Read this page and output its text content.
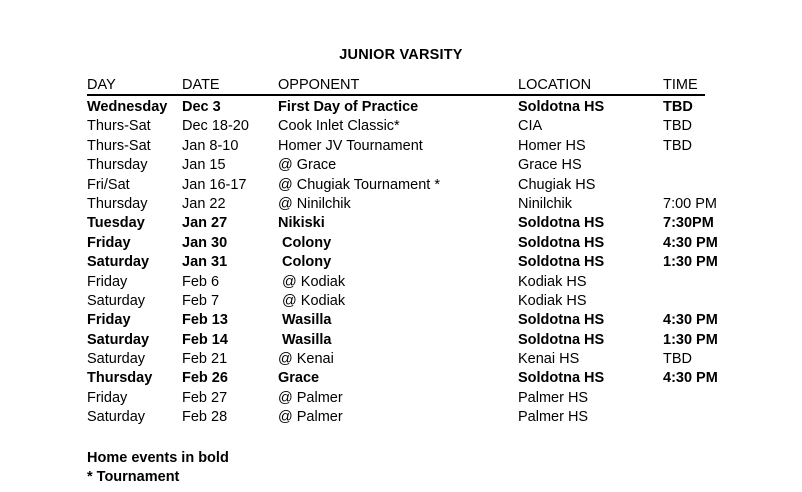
JUNIOR VARSITY
DAY	DATE	OPPONENT	LOCATION	TIME
Wednesday	Dec 3	First Day of Practice	Soldotna HS	TBD
Thurs-Sat	Dec 18-20	Cook Inlet Classic*	CIA	TBD
Thurs-Sat	Jan 8-10	Homer JV Tournament	Homer HS	TBD
Thursday	Jan 15	@ Grace	Grace HS
Fri/Sat	Jan 16-17	@ Chugiak Tournament *	Chugiak HS
Thursday	Jan 22	@ Ninilchik	Ninilchik	7:00 PM
Tuesday	Jan 27	Nikiski	Soldotna HS	7:30PM
Friday	Jan 30	Colony	Soldotna HS	4:30 PM
Saturday	Jan 31	Colony	Soldotna HS	1:30 PM
Friday	Feb 6	@ Kodiak	Kodiak HS
Saturday	Feb 7	@ Kodiak	Kodiak HS
Friday	Feb 13	Wasilla	Soldotna HS	4:30 PM
Saturday	Feb 14	Wasilla	Soldotna HS	1:30 PM
Saturday	Feb 21	@ Kenai	Kenai HS	TBD
Thursday	Feb 26	Grace	Soldotna HS	4:30 PM
Friday	Feb 27	@ Palmer	Palmer HS
Saturday	Feb 28	@ Palmer	Palmer HS
Home events in bold
* Tournament
